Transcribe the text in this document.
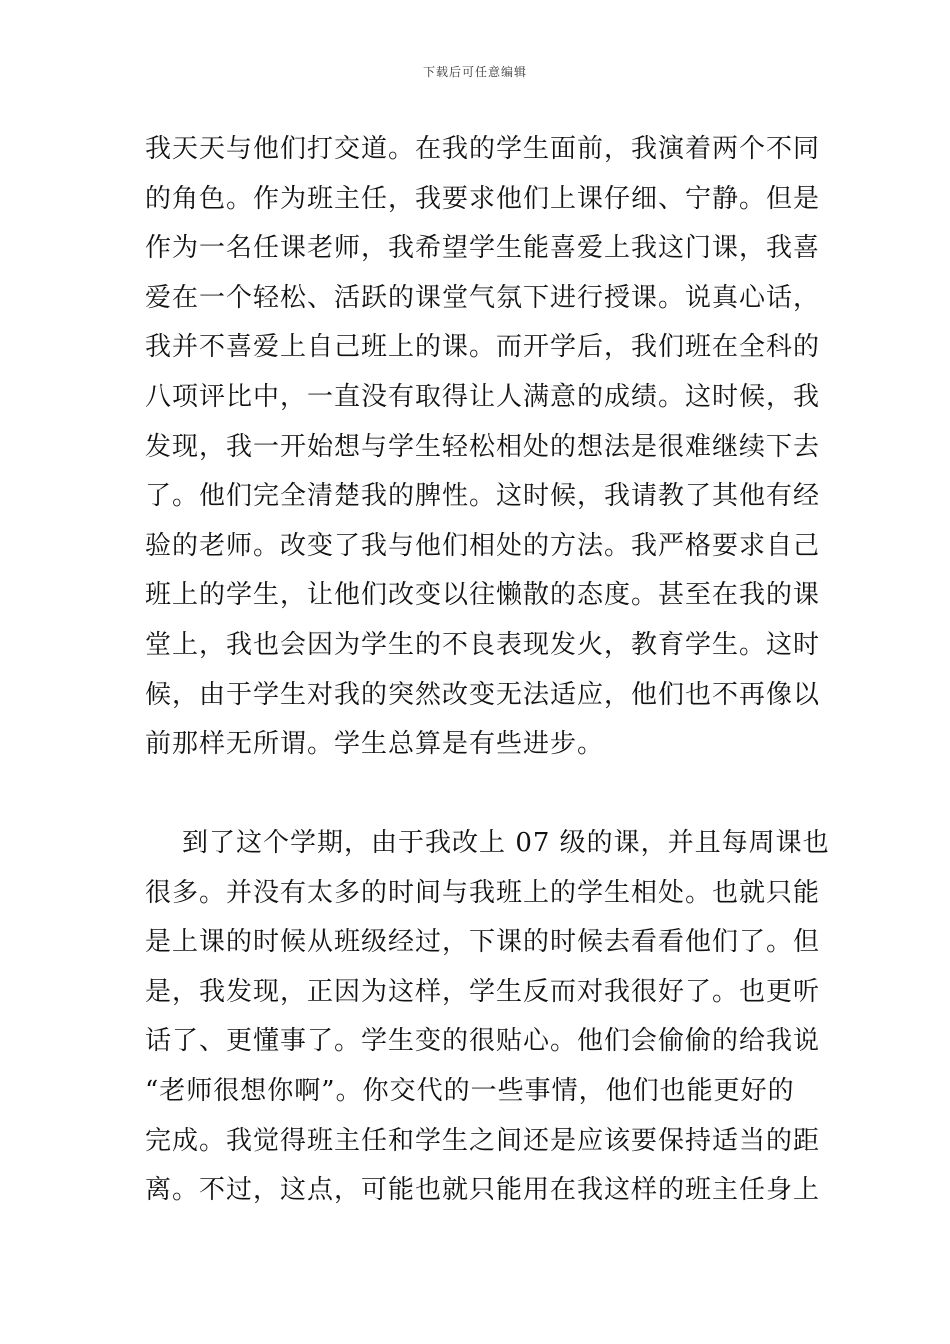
下载后可任意编辑
我天天与他们打交道。在我的学生面前，我演着两个不同
的角色。作为班主任，我要求他们上课仔细、宁静。但是
作为一名任课老师，我希望学生能喜爱上我这门课，我喜
爱在一个轻松、活跃的课堂气氛下进行授课。说真心话，
我并不喜爱上自己班上的课。而开学后，我们班在全科的
八项评比中，一直没有取得让人满意的成绩。这时候，我
发现，我一开始想与学生轻松相处的想法是很难继续下去
了。他们完全清楚我的脾性。这时候，我请教了其他有经
验的老师。改变了我与他们相处的方法。我严格要求自己
班上的学生，让他们改变以往懒散的态度。甚至在我的课
堂上，我也会因为学生的不良表现发火，教育学生。这时
候，由于学生对我的突然改变无法适应，他们也不再像以
前那样无所谓。学生总算是有些进步。
到了这个学期，由于我改上 07 级的课，并且每周课也
很多。并没有太多的时间与我班上的学生相处。也就只能
是上课的时候从班级经过，下课的时候去看看他们了。但
是，我发现，正因为这样，学生反而对我很好了。也更听
话了、更懂事了。学生变的很贴心。他们会偷偷的给我说
“老师很想你啊”。你交代的一些事情，他们也能更好的
完成。我觉得班主任和学生之间还是应该要保持适当的距
离。不过，这点，可能也就只能用在我这样的班主任身上
